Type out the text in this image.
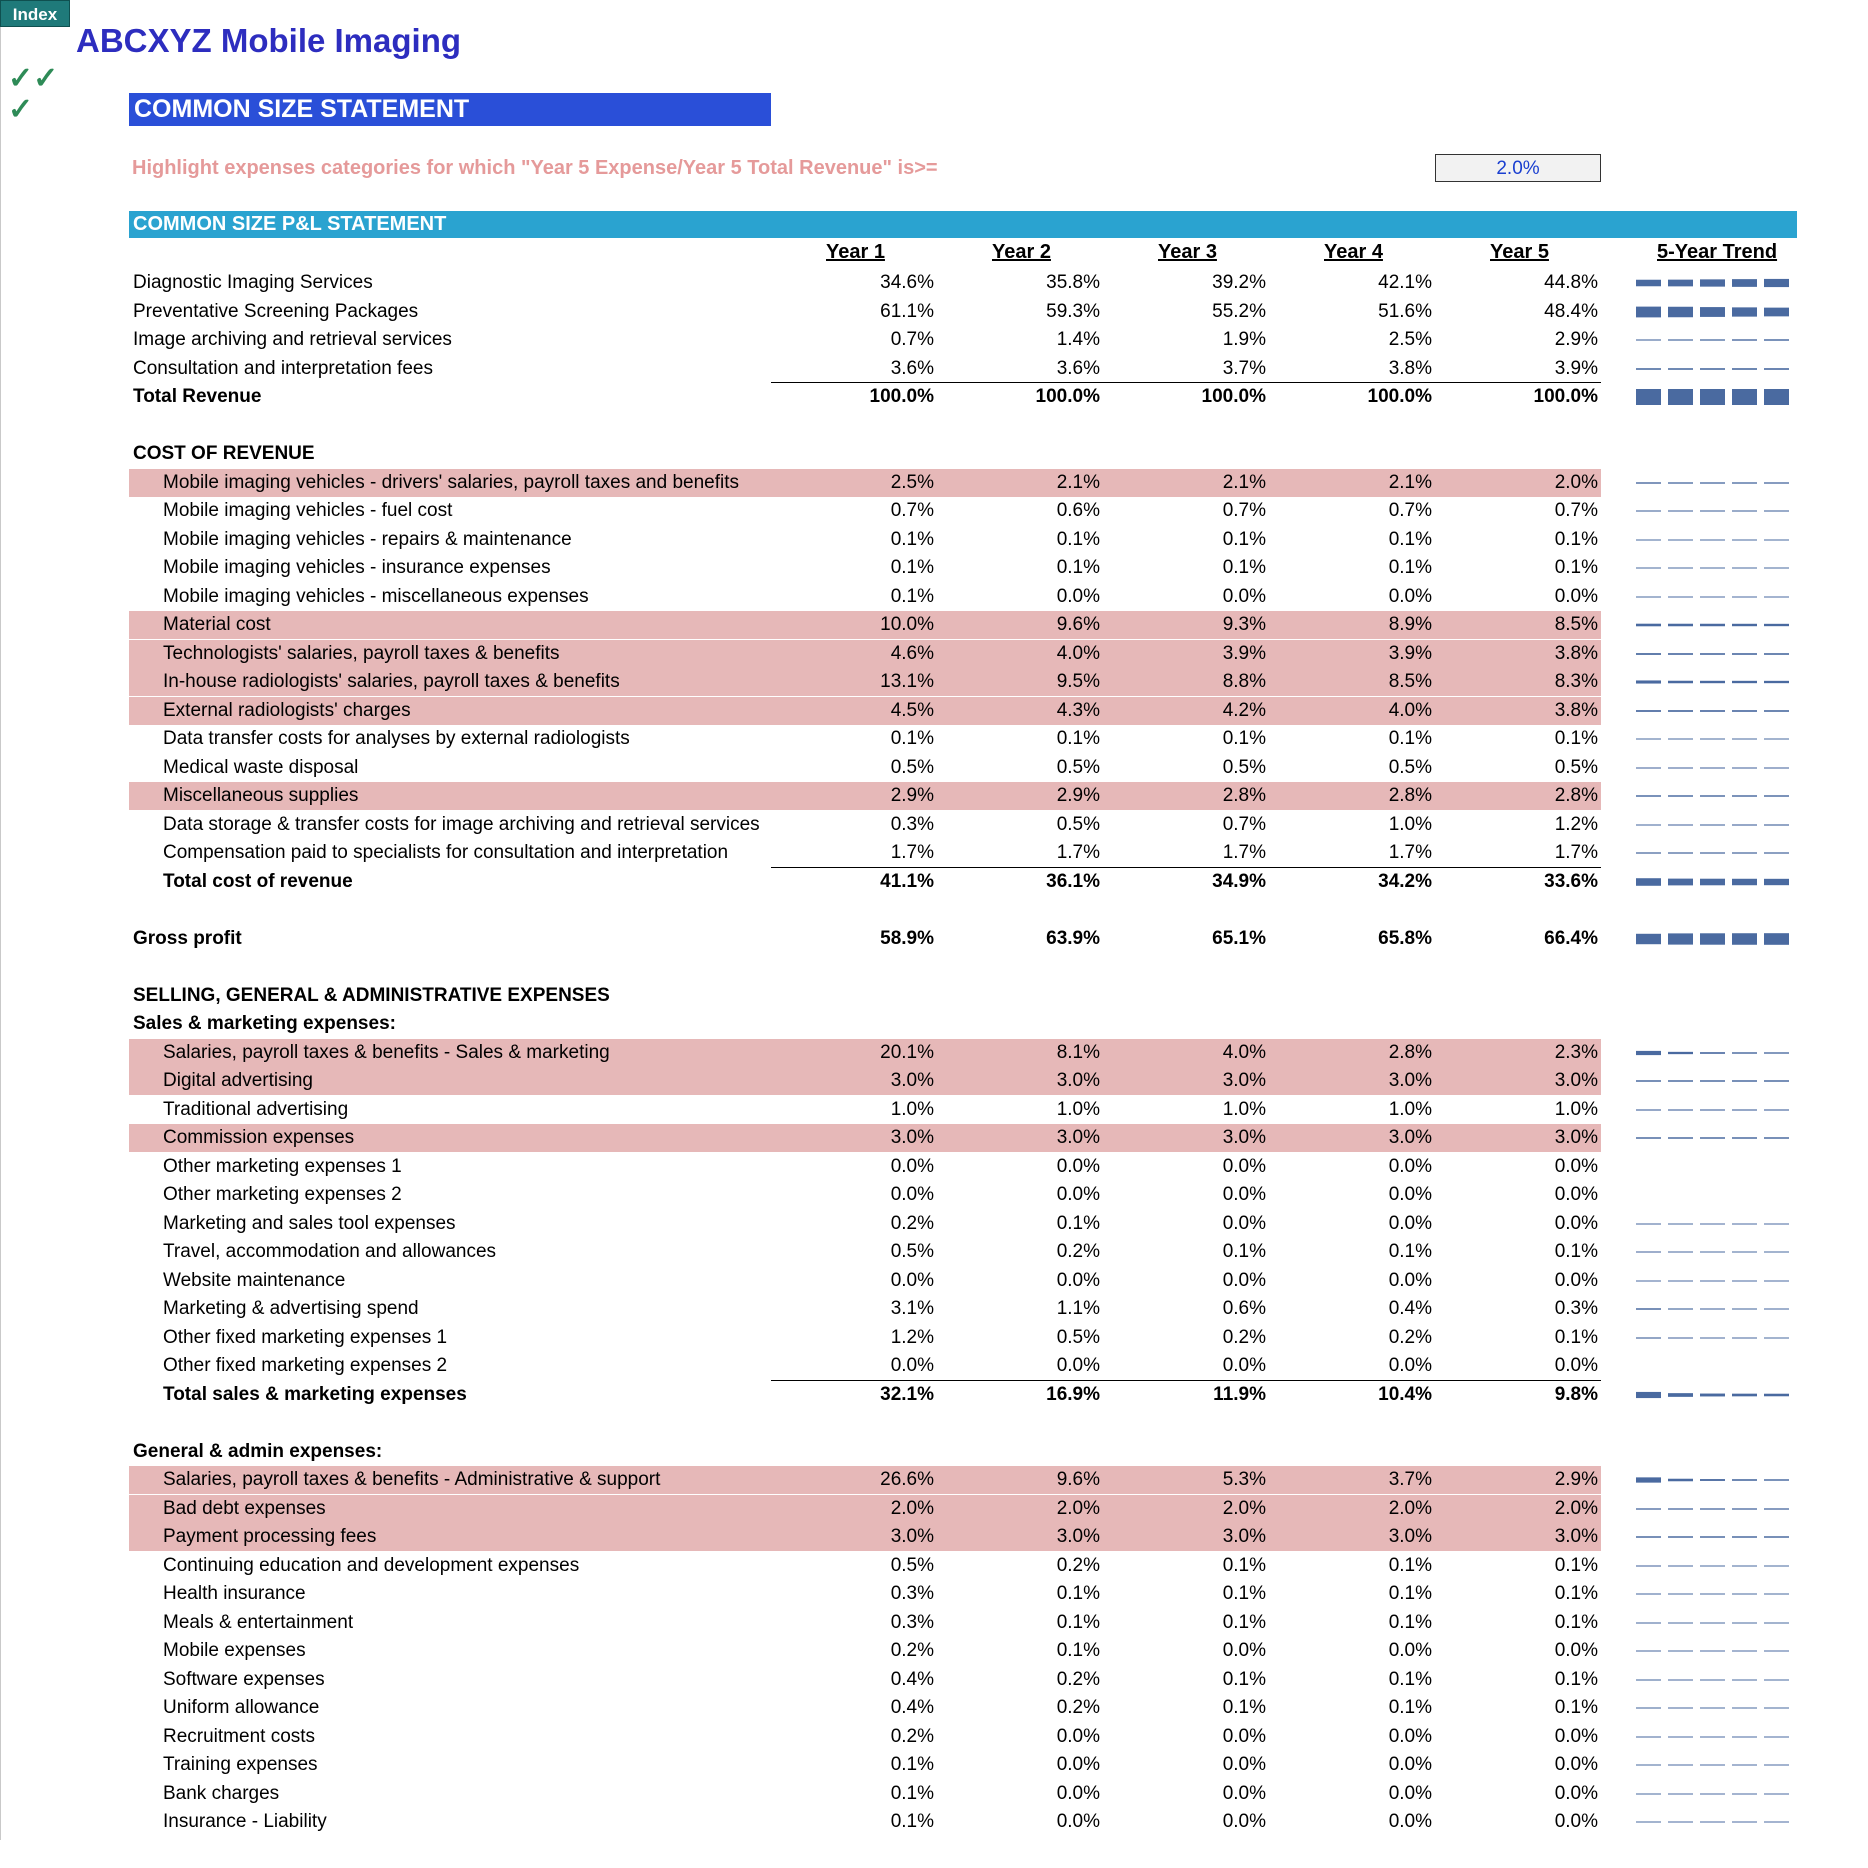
Index
ABCXYZ Mobile Imaging
✓✓
✓	COMMON SIZE STATEMENT
Highlight expenses categories for which "Year 5 Expense/Year 5 Total Revenue" is>=	2.0%
COMMON SIZE P&L STATEMENT
Year 1	Year 2	Year 3	Year 4	Year 5	5-Year Trend
Diagnostic Imaging Services	34.6%	35.8%	39.2%	42.1%	44.8%
Preventative Screening Packages	61.1%	59.3%	55.2%	51.6%	48.4%
Image archiving and retrieval services	0.7%	1.4%	1.9%	2.5%	2.9%
Consultation and interpretation fees	3.6%	3.6%	3.7%	3.8%	3.9%
Total Revenue	100.0%	100.0%	100.0%	100.0%	100.0%
COST OF REVENUE
Mobile imaging vehicles - drivers' salaries, payroll taxes and benefits	2.5%	2.1%	2.1%	2.1%	2.0%
Mobile imaging vehicles - fuel cost	0.7%	0.6%	0.7%	0.7%	0.7%
Mobile imaging vehicles - repairs & maintenance	0.1%	0.1%	0.1%	0.1%	0.1%
Mobile imaging vehicles - insurance expenses	0.1%	0.1%	0.1%	0.1%	0.1%
Mobile imaging vehicles - miscellaneous expenses	0.1%	0.0%	0.0%	0.0%	0.0%
Material cost	10.0%	9.6%	9.3%	8.9%	8.5%
Technologists' salaries, payroll taxes & benefits	4.6%	4.0%	3.9%	3.9%	3.8%
In-house radiologists' salaries, payroll taxes & benefits	13.1%	9.5%	8.8%	8.5%	8.3%
External radiologists' charges	4.5%	4.3%	4.2%	4.0%	3.8%
Data transfer costs for analyses by external radiologists	0.1%	0.1%	0.1%	0.1%	0.1%
Medical waste disposal	0.5%	0.5%	0.5%	0.5%	0.5%
Miscellaneous supplies	2.9%	2.9%	2.8%	2.8%	2.8%
Data storage & transfer costs for image archiving and retrieval services	0.3%	0.5%	0.7%	1.0%	1.2%
Compensation paid to specialists for consultation and interpretation	1.7%	1.7%	1.7%	1.7%	1.7%
Total cost of revenue	41.1%	36.1%	34.9%	34.2%	33.6%
Gross profit	58.9%	63.9%	65.1%	65.8%	66.4%
SELLING, GENERAL & ADMINISTRATIVE EXPENSES
Sales & marketing expenses:
Salaries, payroll taxes & benefits - Sales & marketing	20.1%	8.1%	4.0%	2.8%	2.3%
Digital advertising	3.0%	3.0%	3.0%	3.0%	3.0%
Traditional advertising	1.0%	1.0%	1.0%	1.0%	1.0%
Commission expenses	3.0%	3.0%	3.0%	3.0%	3.0%
Other marketing expenses 1	0.0%	0.0%	0.0%	0.0%	0.0%
Other marketing expenses 2	0.0%	0.0%	0.0%	0.0%	0.0%
Marketing and sales tool expenses	0.2%	0.1%	0.0%	0.0%	0.0%
Travel, accommodation and allowances	0.5%	0.2%	0.1%	0.1%	0.1%
Website maintenance	0.0%	0.0%	0.0%	0.0%	0.0%
Marketing & advertising spend	3.1%	1.1%	0.6%	0.4%	0.3%
Other fixed marketing expenses 1	1.2%	0.5%	0.2%	0.2%	0.1%
Other fixed marketing expenses 2	0.0%	0.0%	0.0%	0.0%	0.0%
Total sales & marketing expenses	32.1%	16.9%	11.9%	10.4%	9.8%
General & admin expenses:
Salaries, payroll taxes & benefits - Administrative & support	26.6%	9.6%	5.3%	3.7%	2.9%
Bad debt expenses	2.0%	2.0%	2.0%	2.0%	2.0%
Payment processing fees	3.0%	3.0%	3.0%	3.0%	3.0%
Continuing education and development expenses	0.5%	0.2%	0.1%	0.1%	0.1%
Health insurance	0.3%	0.1%	0.1%	0.1%	0.1%
Meals & entertainment	0.3%	0.1%	0.1%	0.1%	0.1%
Mobile expenses	0.2%	0.1%	0.0%	0.0%	0.0%
Software expenses	0.4%	0.2%	0.1%	0.1%	0.1%
Uniform allowance	0.4%	0.2%	0.1%	0.1%	0.1%
Recruitment costs	0.2%	0.0%	0.0%	0.0%	0.0%
Training expenses	0.1%	0.0%	0.0%	0.0%	0.0%
Bank charges	0.1%	0.0%	0.0%	0.0%	0.0%
Insurance - Liability	0.1%	0.0%	0.0%	0.0%	0.0%
